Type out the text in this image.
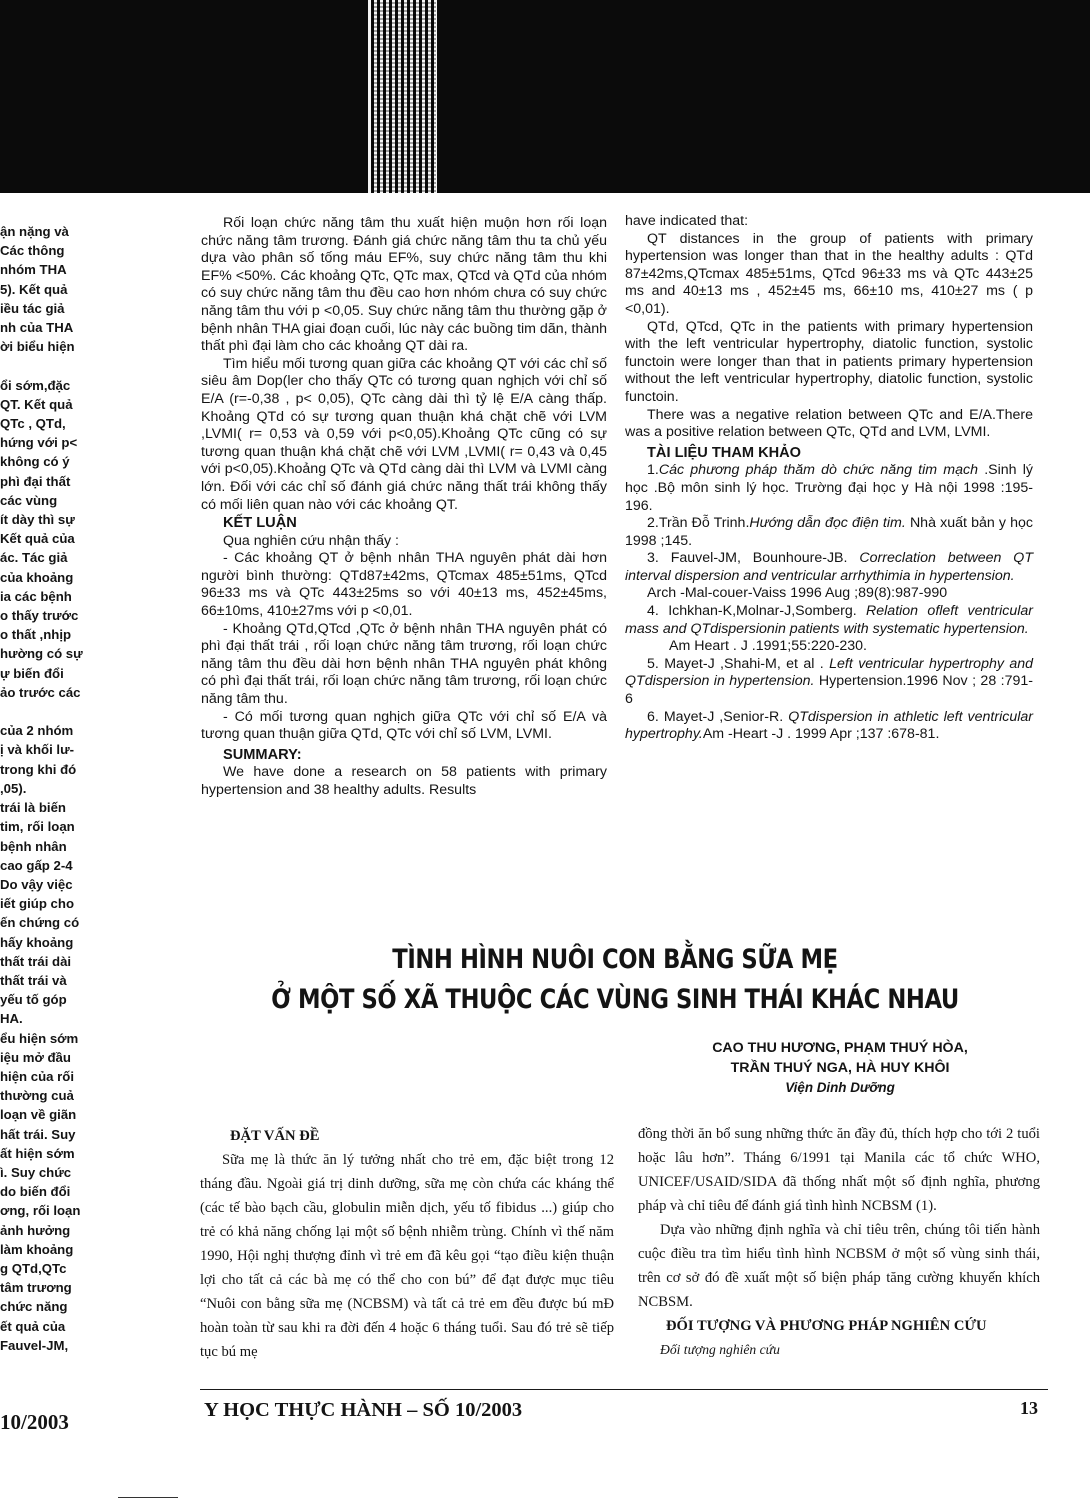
ận nặng và
Các thông
nhóm THA
5). Kết quả
iều tác giả
nh của THA
ời biểu hiện

ổi sớm,đặc
QT. Kết quả
QTc , QTd,
hứng với p<
không có ý
phì đại thất
các vùng
ít dày thì sự
Kết quả của
ác. Tác giả
của khoảng
ia các bệnh
o thấy trước
o thất ,nhịp
hường có sự
ự biến đổi
ảo trước các

của 2 nhóm
ị và khối lư-
trong khi đó
,05).
trái là biến
tim, rối loạn
bệnh nhân
cao gấp 2-4
Do vậy việc
iết giúp cho
ến chứng có
hấy khoảng
thất trái dài
thất trái và
yếu tố góp
HA.
ểu hiện sớm
iệu mở đầu
hiện của rối
thường cuả
loạn về giãn
hất trái. Suy
ất hiện sớm
ì. Suy chức
do biến đổi
ơng, rối loạn
ảnh hưởng
làm khoảng
g QTd,QTc
tâm trương
chức năng
ết quả của
Fauvel-JM,

Rối loạn chức năng tâm thu xuất hiện muộn hơn rối loạn chức năng tâm trương. Đánh giá chức năng tâm thu ta chủ yếu dựa vào phân số tống máu EF%, suy chức năng tâm thu khi EF% <50%. Các khoảng QTc, QTc max, QTcd và QTd của nhóm có suy chức năng tâm thu đều cao hơn nhóm chưa có suy chức năng tâm thu với p <0,05. Suy chức năng tâm thu thường gặp ở bệnh nhân THA giai đoạn cuối, lúc này các buồng tim dãn, thành thất phì đại làm cho các khoảng QT dài ra.

Tìm hiểu mối tương quan giữa các khoảng QT với các chỉ số siêu âm Dop(ler cho thấy QTc có tương quan nghịch với chỉ số E/A (r=-0,38 , p< 0,05), QTc càng dài thì tỷ lệ E/A càng thấp. Khoảng QTd có sự tương quan thuận khá chặt chẽ với LVM ,LVMI( r= 0,53 và 0,59 với p<0,05).Khoảng QTc cũng có sự tương quan thuận khá chặt chẽ với LVM ,LVMI( r= 0,43 và 0,45 với p<0,05).Khoảng QTc và QTd càng dài thì LVM và LVMI càng lớn. Đối với các chỉ số đánh giá chức năng thất trái không thấy có mối liên quan nào với các khoảng QT.

KẾT LUẬN

Qua nghiên cứu nhận thấy :

- Các khoảng QT ở bệnh nhân THA nguyên phát dài hơn người bình thường: QTd87±42ms, QTcmax 485±51ms, QTcd 96±33 ms và QTc 443±25ms so với 40±13 ms, 452±45ms, 66±10ms, 410±27ms với p <0,01.

- Khoảng QTd,QTcd ,QTc ở bệnh nhân THA nguyên phát có phì đại thất trái , rối loạn chức năng tâm trương, rối loạn chức năng tâm thu đều dài hơn bệnh nhân THA nguyên phát không có phì đại thất trái, rối loạn chức năng tâm trương, rối loạn chức năng tâm thu.

- Có mối tương quan nghịch giữa QTc với chỉ số E/A và tương quan thuận giữa QTd, QTc với chỉ số LVM, LVMI.

SUMMARY:

We have done a research on 58 patients with primary hypertension and 38 healthy adults. Results

have indicated that:

QT distances in the group of patients with primary hypertension was longer than that in the healthy adults : QTd 87±42ms,QTcmax 485±51ms, QTcd 96±33 ms và QTc 443±25 ms and 40±13 ms , 452±45 ms, 66±10 ms, 410±27 ms ( p <0,01).

QTd, QTcd, QTc in the patients with primary hypertension with the left ventricular hypertrophy, diatolic function, systolic functoin were longer than that in patients primary hypertension without the left ventricular hypertrophy, diatolic function, systolic functoin.

There was a negative relation between QTc and E/A.There was a positive relation between QTc, QTd and LVM, LVMI.

TÀI LIỆU THAM KHẢO

1.Các phương pháp thăm dò chức năng tim mạch .Sinh lý học .Bộ môn sinh lý học. Trường đại học y Hà nội 1998 :195-196.

2.Trần Đỗ Trinh.Hướng dẫn đọc điện tim. Nhà xuất bản y học 1998 ;145.

3. Fauvel-JM, Bounhoure-JB. Correclation between QT interval dispersion and ventricular arrhythimia in hypertension.

Arch -Mal-couer-Vaiss 1996 Aug ;89(8):987-990

4. Ichkhan-K,Molnar-J,Somberg. Relation ofleft ventricular mass and QTdispersionin patients with systematic hypertension.

Am Heart . J .1991;55:220-230.

5. Mayet-J ,Shahi-M, et al . Left ventricular hypertrophy and QTdispersion in hypertension. Hypertension.1996 Nov ; 28 :791-6

6. Mayet-J ,Senior-R. QTdispersion in athletic left ventricular hypertrophy.Am -Heart -J . 1999 Apr ;137 :678-81.

TÌNH HÌNH NUÔI CON BẰNG SỮA MẸ
Ở MỘT SỐ XÃ THUỘC CÁC VÙNG SINH THÁI KHÁC NHAU
CAO THU HƯƠNG, PHẠM THUÝ HÒA,
TRẦN THUÝ NGA, HÀ HUY KHÔI
Viện Dinh Dưỡng
ĐẶT VẤN ĐỀ

Sữa mẹ là thức ăn lý tưởng nhất cho trẻ em, đặc biệt trong 12 tháng đầu. Ngoài giá trị dinh dưỡng, sữa mẹ còn chứa các kháng thể (các tế bào bạch cầu, globulin miễn dịch, yếu tố fibidus ...) giúp cho trẻ có khả năng chống lại một số bệnh nhiễm trùng. Chính vì thế năm 1990, Hội nghị thượng đỉnh vì trẻ em đã kêu gọi “tạo điều kiện thuận lợi cho tất cả các bà mẹ có thể cho con bú” để đạt được mục tiêu “Nuôi con bằng sữa mẹ (NCBSM) và tất cả trẻ em đều được bú mĐ hoàn toàn từ sau khi ra đời đến 4 hoặc 6 tháng tuổi. Sau đó trẻ sẽ tiếp tục bú mẹ

đồng thời ăn bổ sung những thức ăn đầy đủ, thích hợp cho tới 2 tuổi hoặc lâu hơn”. Tháng 6/1991 tại Manila các tổ chức WHO, UNICEF/USAID/SIDA đã thống nhất một số định nghĩa, phương pháp và chỉ tiêu để đánh giá tình hình NCBSM (1).

Dựa vào những định nghĩa và chỉ tiêu trên, chúng tôi tiến hành cuộc điều tra tìm hiểu tình hình NCBSM ở một số vùng sinh thái, trên cơ sở đó đề xuất một số biện pháp tăng cường khuyến khích NCBSM.

ĐỐI TƯỢNG VÀ PHƯƠNG PHÁP NGHIÊN CỨU

Đối tượng nghiên cứu

Y HỌC THỰC HÀNH – SỐ 10/2003	13
10/2003
